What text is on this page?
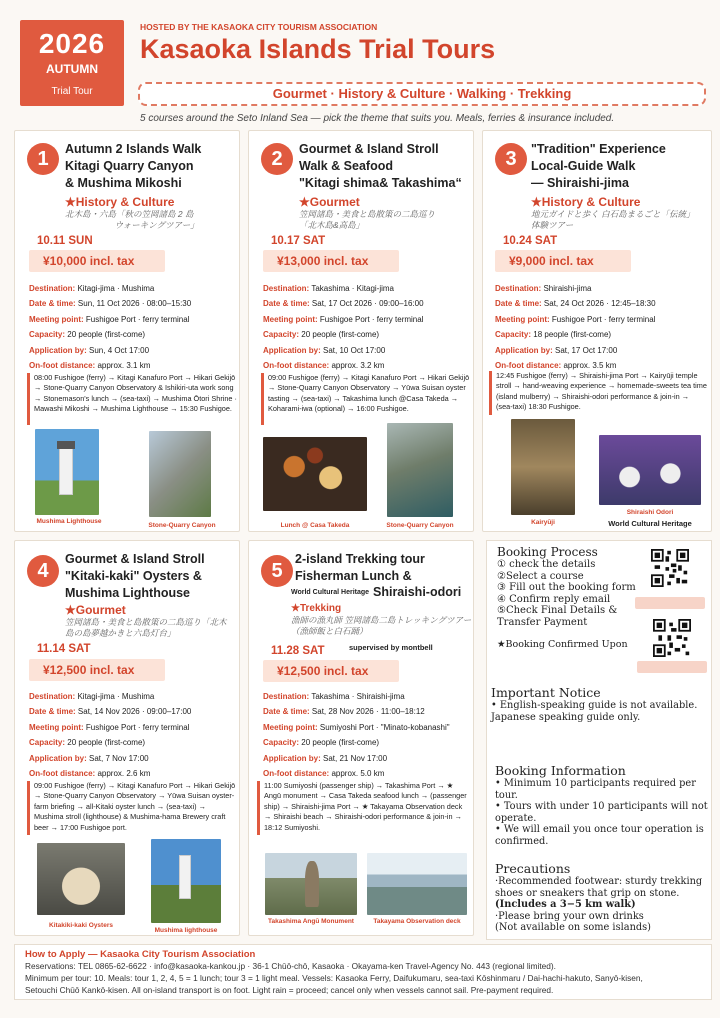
2026
AUTUMN
Trial Tour
HOSTED BY THE KASAOKA CITY TOURISM ASSOCIATION
Kasaoka Islands Trial Tours
Gourmet · History & Culture · Walking · Trekking
5 courses around the Seto Inland Sea — pick the theme that suits you. Meals, ferries & insurance included.
1	Autumn 2 Islands Walk
Kitagi Quarry Canyon
& Mushima Mikoshi
★History & Culture
北木島・六島「秋の笠岡諸島 2 島
ウォーキングツアー」
10.11 SUN
¥10,000 incl. tax
Destination: Kitagi-jima · Mushima
Date & time: Sun, 11 Oct 2026 · 08:00–15:30
Meeting point: Fushigoe Port · ferry terminal
Capacity: 20 people (first-come)
Application by: Sun, 4 Oct 17:00
On-foot distance: approx. 3.1 km
08:00 Fushigoe (ferry) → Kitagi Kanafuro Port → Hikari Gekijō → Stone-Quarry Canyon Observatory & Ishikiri-uta work song → Stonemason's lunch → (sea-taxi) → Mushima Ōtori Shrine · Mawashi Mikoshi → Mushima Lighthouse → 15:30 Fushigoe.
Mushima Lighthouse
Stone-Quarry Canyon
2	Gourmet & Island Stroll
Walk & Seafood
"Kitagi shima& Takashima“
★Gourmet
笠岡諸島・美食と島散策の二島巡り
「北木島&高島」
10.17 SAT
¥13,000 incl. tax
Destination: Takashima · Kitagi-jima
Date & time: Sat, 17 Oct 2026 · 09:00–16:00
Meeting point: Fushigoe Port · ferry terminal
Capacity: 20 people (first-come)
Application by: Sat, 10 Oct 17:00
On-foot distance: approx. 3.2 km
09:00 Fushigoe (ferry) → Kitagi Kanafuro Port → Hikari Gekijō → Stone-Quarry Canyon Observatory → Yūwa Suisan oyster tasting → (sea-taxi) → Takashima lunch @Casa Takeda → Koharami-iwa (optional) → 16:00 Fushigoe.
Lunch @ Casa Takeda	Stone-Quarry Canyon
3	"Tradition" Experience
Local-Guide Walk
— Shiraishi-jima
★History & Culture
地元ガイドと歩く 白石島まるごと「伝統」
体験ツアー
10.24 SAT
¥9,000 incl. tax
Destination: Shiraishi-jima
Date & time: Sat, 24 Oct 2026 · 12:45–18:30
Meeting point: Fushigoe Port · ferry terminal
Capacity: 18 people (first-come)
Application by: Sat, 17 Oct 17:00
On-foot distance: approx. 3.5 km
12:45 Fushigoe (ferry) → Shiraishi-jima Port → Kairyūji temple stroll → hand-weaving experience → homemade-sweets tea time (island mulberry) → Shiraishi-odori performance & join-in → (sea-taxi) 18:30 Fushigoe.
Kairyūji
Shiraishi Odori
World Cultural Heritage
4
Gourmet & Island Stroll
"Kitaki-kaki" Oysters &
Mushima Lighthouse
★Gourmet
笠岡諸島・美食と島散策の二島巡り「北木
島の島夢越かきと六島灯台」
11.14 SAT
¥12,500 incl. tax
Destination: Kitagi-jima · Mushima
Date & time: Sat, 14 Nov 2026 · 09:00–17:00
Meeting point: Fushigoe Port · ferry terminal
Capacity: 20 people (first-come)
Application by: Sat, 7 Nov 17:00
On-foot distance: approx. 2.6 km
09:00 Fushigoe (ferry) → Kitagi Kanafuro Port → Hikari Gekijō → Stone-Quarry Canyon Observatory → Yūwa Suisan oyster-farm briefing → all-Kitaki oyster lunch → (sea-taxi) → Mushima stroll (lighthouse) & Mushima-hama Brewery craft beer → 17:00 Fushigoe port.
Kitakiki-kaki Oysters
Mushima lighthouse
5
2-island Trekking tour
Fisherman Lunch &
World Cultural Heritage Shiraishi-odori
★Trekking
漁師の漁丸師 笠岡諸島二島トレッキングツアー
（漁師飯と白石踊）
11.28 SAT	supervised by montbell
¥12,500 incl. tax
Destination: Takashima · Shiraishi-jima
Date & time: Sat, 28 Nov 2026 · 11:00–18:12
Meeting point: Sumiyoshi Port · "Minato-kobanashi"
Capacity: 20 people (first-come)
Application by: Sat, 21 Nov 17:00
On-foot distance: approx. 5.0 km
11:00 Sumiyoshi (passenger ship) → Takashima Port → ★ Angū monument → Casa Takeda seafood lunch → (passenger ship) → Shiraishi-jima Port → ★ Takayama Observation deck → Shiraishi beach → Shiraishi-odori performance & join-in → 18:12 Sumiyoshi.
Takashima Angū Monument	Takayama Observation deck
Booking Process
① check the details
②Select a course
③ Fill out the booking form
④ Confirm reply email
⑤Check Final Details &
Transfer Payment
★Booking Confirmed Upon
Important Notice
• English-speaking guide is not available.
Japanese speaking guide only.
Booking Information
• Minimum 10 participants required per
tour.
• Tours with under 10 participants will not
operate.
• We will email you once tour operation is
confirmed.
Precautions
·Recommended footwear: sturdy trekking
shoes or sneakers that grip on stone.
(Includes a 3−5 km walk)
·Please bring your own drinks
(Not available on some islands)
How to Apply — Kasaoka City Tourism Association
Reservations: TEL 0865-62-6622 · info@kasaoka-kankou.jp · 36-1 Chūō-chō, Kasaoka · Okayama-ken Travel-Agency No. 443 (regional limited).
Minimum per tour: 10. Meals: tour 1, 2, 4, 5 = 1 lunch; tour 3 = 1 light meal. Vessels: Kasaoka Ferry, Daifukumaru, sea-taxi Kōshinmaru / Dai-hachi-hakuto, Sanyō-kisen,
Setouchi Chūō Kankō-kisen. All on-island transport is on foot. Light rain = proceed; cancel only when vessels cannot sail. Pre-payment required.
